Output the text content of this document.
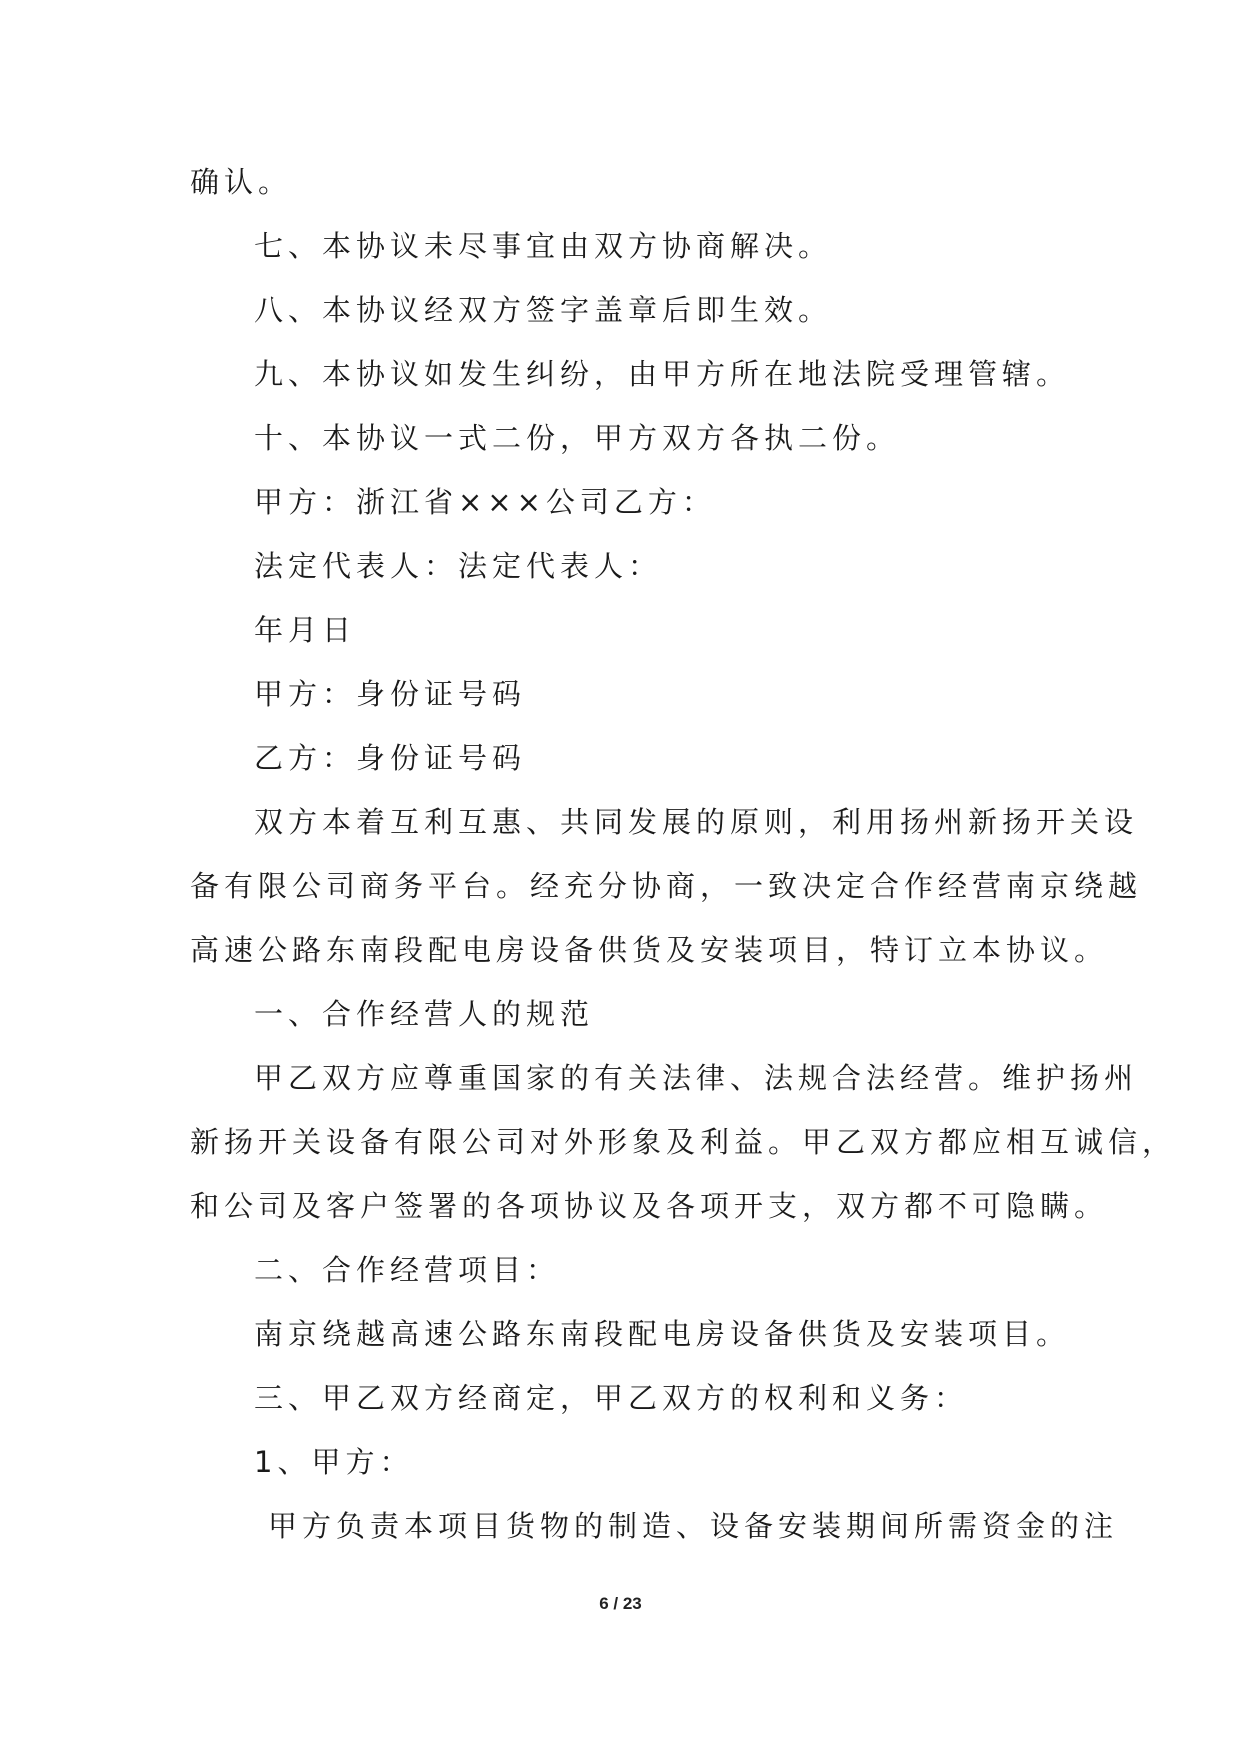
确认。
七、本协议未尽事宜由双方协商解决。
八、本协议经双方签字盖章后即生效。
九、本协议如发生纠纷，由甲方所在地法院受理管辖。
十、本协议一式二份，甲方双方各执二份。
甲方：浙江省×××公司乙方：
法定代表人：法定代表人：
年月日
甲方：身份证号码
乙方：身份证号码
双方本着互利互惠、共同发展的原则，利用扬州新扬开关设
备有限公司商务平台。经充分协商，一致决定合作经营南京绕越
高速公路东南段配电房设备供货及安装项目，特订立本协议。
一、合作经营人的规范
甲乙双方应尊重国家的有关法律、法规合法经营。维护扬州
新扬开关设备有限公司对外形象及利益。甲乙双方都应相互诚信，
和公司及客户签署的各项协议及各项开支，双方都不可隐瞒。
二、合作经营项目：
南京绕越高速公路东南段配电房设备供货及安装项目。
三、甲乙双方经商定，甲乙双方的权利和义务：
1、甲方：
甲方负责本项目货物的制造、设备安装期间所需资金的注
6 / 23
